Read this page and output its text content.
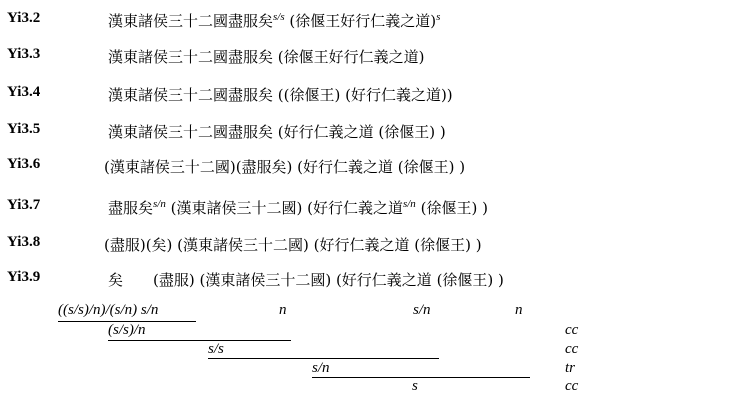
Yi3.2	漢東諸侯三十二國盡服矣$^{s/s}$ (徐偃王好行仁義之道)$^s$
Yi3.3	漢東諸侯三十二國盡服矣 (徐偃王好行仁義之道)
Yi3.4	漢東諸侯三十二國盡服矣 ((徐偃王) (好行仁義之道))
Yi3.5	漢東諸侯三十二國盡服矣 (好行仁義之道 (徐偃王) )
Yi3.6	(漢東諸侯三十二國)(盡服矣) (好行仁義之道 (徐偃王) )
Yi3.7	盡服矣$^{s/n}$ (漢東諸侯三十二國) (好行仁義之道$^{s/n}$ (徐偃王) )
Yi3.8	(盡服)(矣) (漢東諸侯三十二國) (好行仁義之道 (徐偃王) )
Yi3.9	矣　　(盡服) (漢東諸侯三十二國) (好行仁義之道 (徐偃王) )
((s/s)/n)/(s/n) s/n	n	s/n	n
(s/s)/n	cc
s/s	cc
s/n	tr
s	cc
